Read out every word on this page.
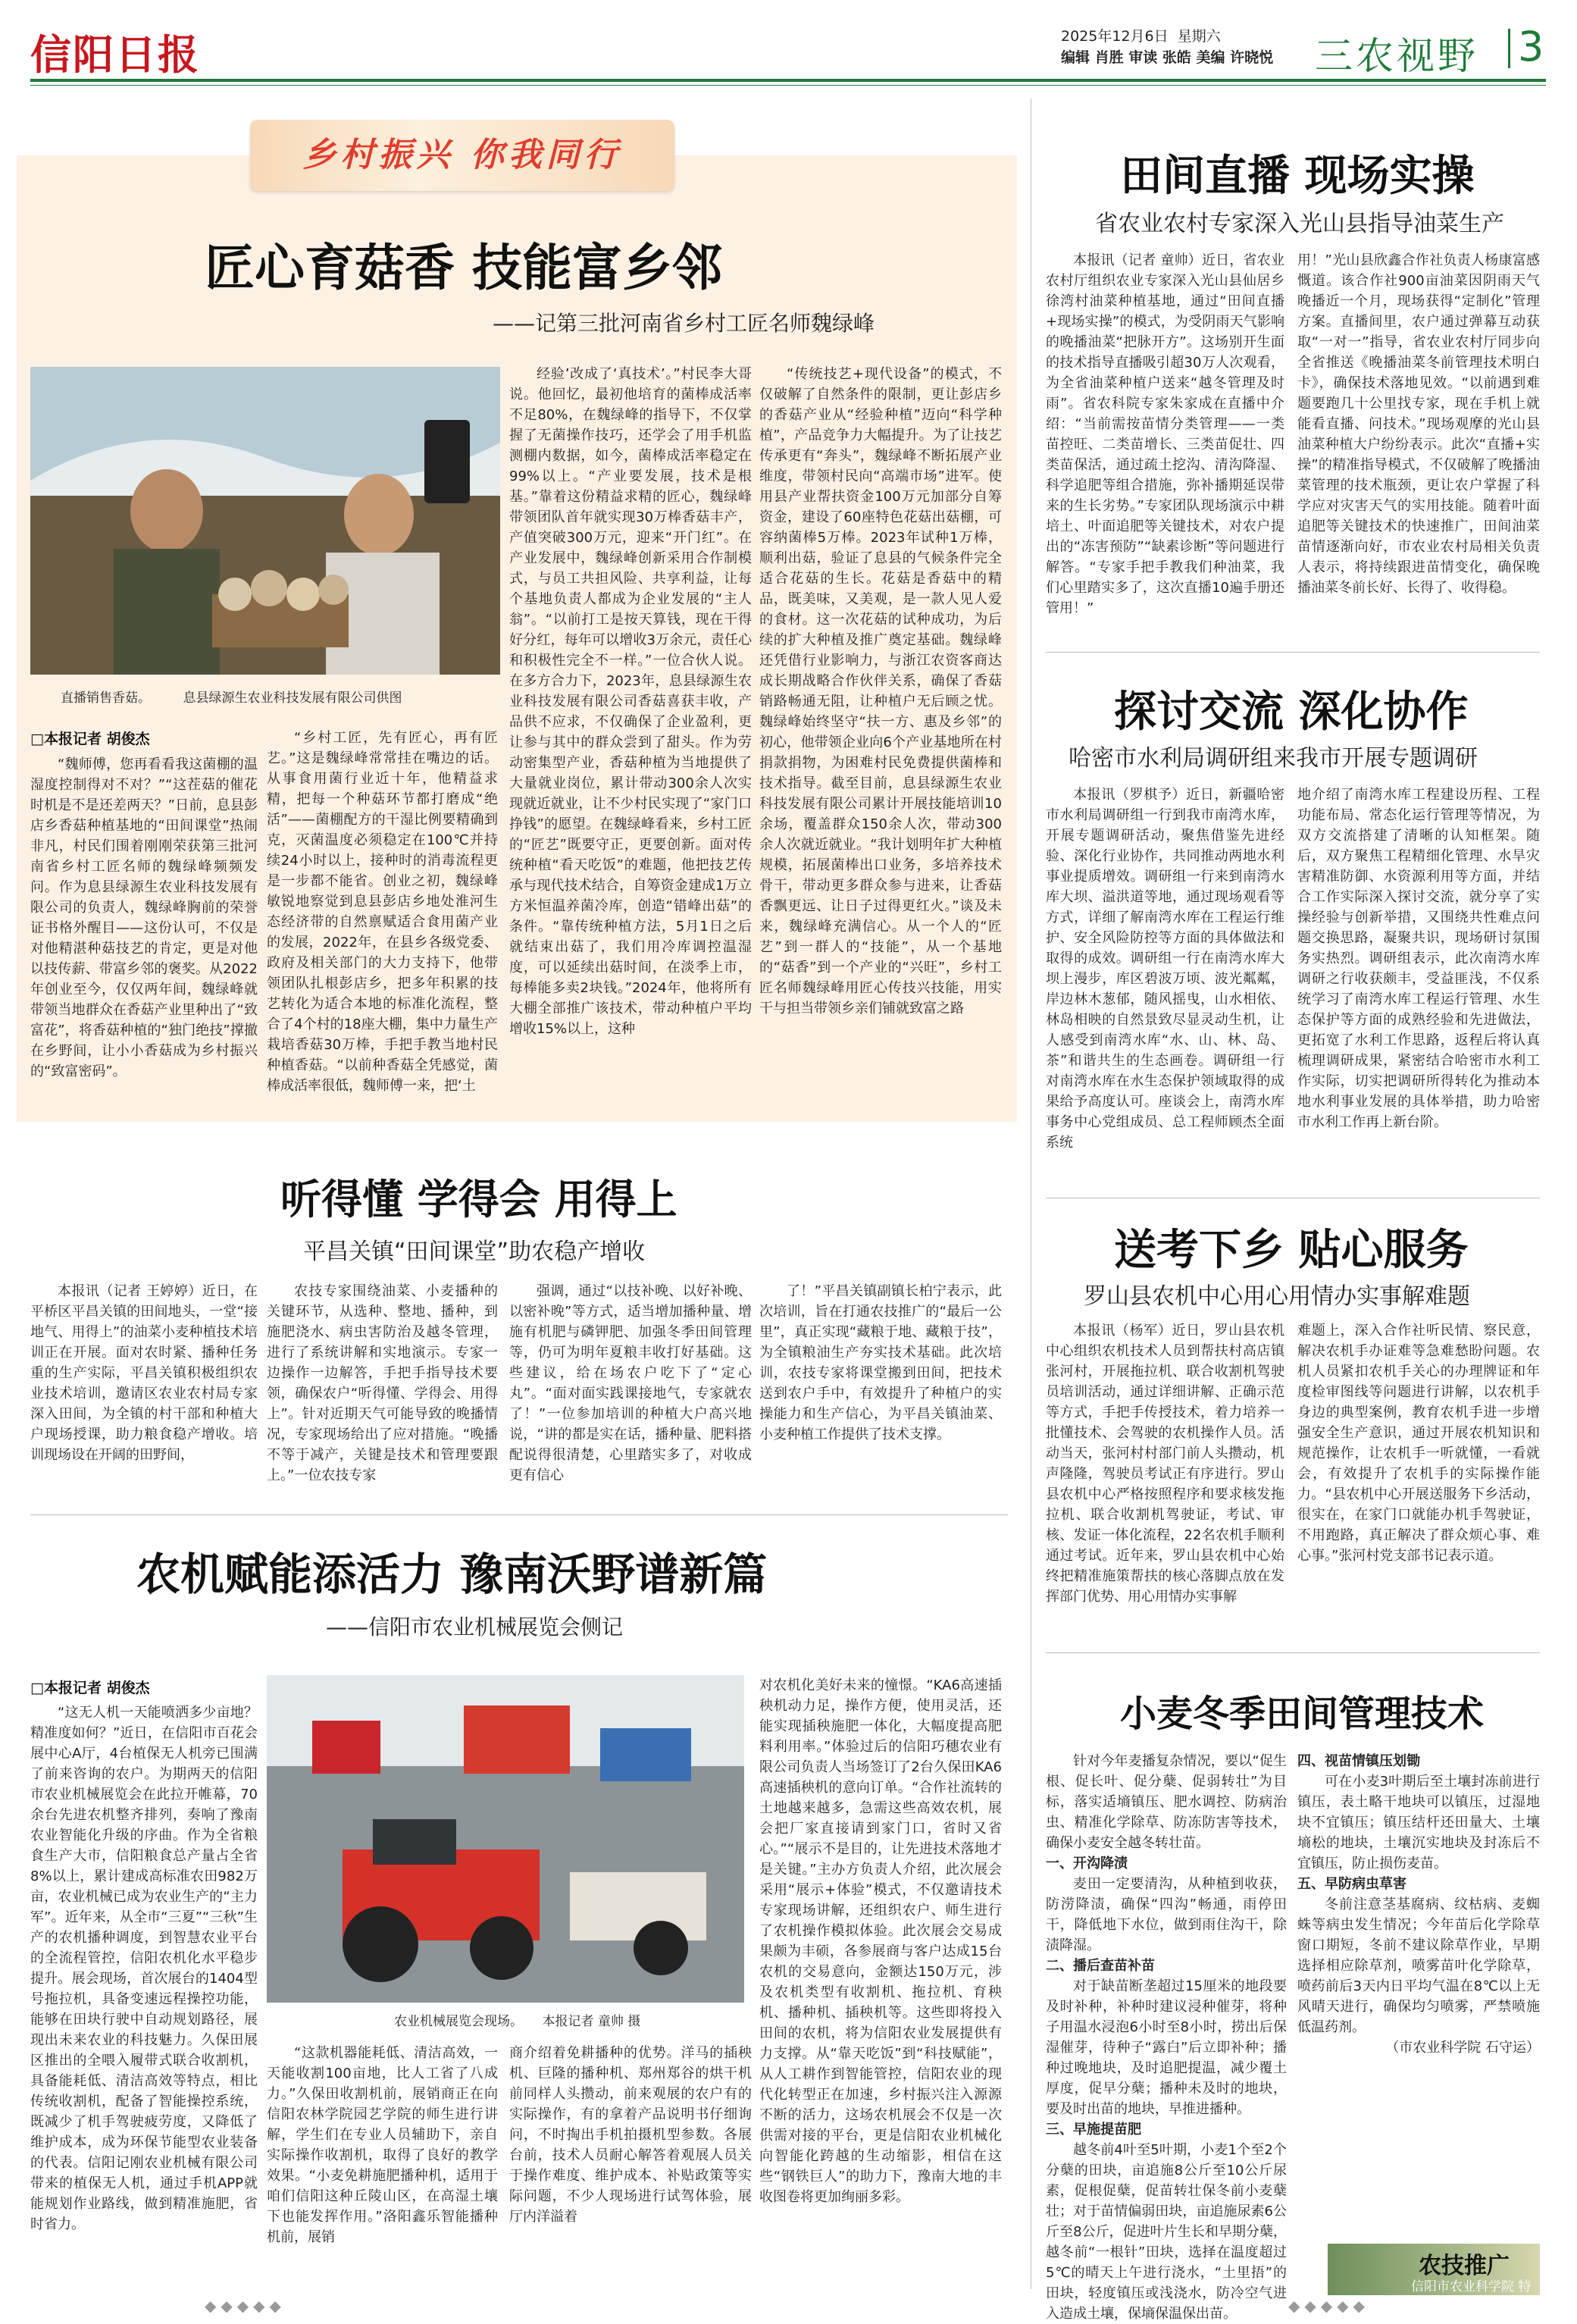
信阳日报	2025年12月6日 星期六
编辑 肖胜 审读 张皓 美编 许晓悦 三农视野 3
乡村振兴 你我同行
匠心育菇香 技能富乡邻
——记第三批河南省乡村工匠名师魏绿峰
直播销售香菇。　　　息县绿源生农业科技发展有限公司供图
□本报记者 胡俊杰
“魏师傅，您再看看我这菌棚的温湿度控制得对不对？”“这茬菇的催花时机是不是还差两天？”日前，息县彭店乡香菇种植基地的“田间课堂”热闹非凡，村民们围着刚刚荣获第三批河南省乡村工匠名师的魏绿峰频频发问。作为息县绿源生农业科技发展有限公司的负责人，魏绿峰胸前的荣誉证书格外醒目——这份认可，不仅是对他精湛种菇技艺的肯定，更是对他以技传薪、带富乡邻的褒奖。从2022年创业至今，仅仅两年间，魏绿峰就带领当地群众在香菇产业里种出了“致富花”，将香菇种植的“独门绝技”撑撤在乡野间，让小小香菇成为乡村振兴的“致富密码”。
“乡村工匠，先有匠心，再有匠艺。”这是魏绿峰常常挂在嘴边的话。从事食用菌行业近十年，他精益求精，把每一个种菇环节都打磨成“绝活”——菌棚配方的干湿比例要精确到克，灭菌温度必须稳定在100℃并持续24小时以上，接种时的消毒流程更是一步都不能省。创业之初，魏绿峰敏锐地察觉到息县彭店乡地处淮河生态经济带的自然禀赋适合食用菌产业的发展，2022年，在县乡各级党委、政府及相关部门的大力支持下，他带领团队扎根彭店乡，把多年积累的技艺转化为适合本地的标准化流程，整合了4个村的18座大棚，集中力量生产栽培香菇30万棒，手把手教当地村民种植香菇。“以前种香菇全凭感觉，菌棒成活率很低，魏师傅一来，把‘土
经验’改成了‘真技术’。”村民李大哥说。他回忆，最初他培育的菌棒成活率不足80%，在魏绿峰的指导下，不仅掌握了无菌操作技巧，还学会了用手机监测棚内数据，如今，菌棒成活率稳定在99%以上。“产业要发展，技术是根基。”靠着这份精益求精的匠心，魏绿峰带领团队首年就实现30万棒香菇丰产，产值突破300万元，迎来“开门红”。在产业发展中，魏绿峰创新采用合作制模式，与员工共担风险、共享利益，让每个基地负责人都成为企业发展的“主人翁”。“以前打工是按天算钱，现在干得好分红，每年可以增收3万余元，责任心和积极性完全不一样。”一位合伙人说。在多方合力下，2023年，息县绿源生农业科技发展有限公司香菇喜获丰收，产品供不应求，不仅确保了企业盈利，更让参与其中的群众尝到了甜头。作为劳动密集型产业，香菇种植为当地提供了大量就业岗位，累计带动300余人次实现就近就业，让不少村民实现了“家门口挣钱”的愿望。在魏绿峰看来，乡村工匠的“匠艺”既要守正，更要创新。面对传统种植“看天吃饭”的难题，他把技艺传承与现代技术结合，自筹资金建成1万立方米恒温养菌冷库，创造“错峰出菇”的条件。“靠传统种植方法，5月1日之后就结束出菇了，我们用冷库调控温湿度，可以延续出菇时间，在淡季上市，每棒能多卖2块钱。”2024年，他将所有大棚全部推广该技术，带动种植户平均增收15%以上，这种
“传统技艺+现代设备”的模式，不仅破解了自然条件的限制，更让彭店乡的香菇产业从“经验种植”迈向“科学种植”，产品竞争力大幅提升。为了让技艺传承更有“奔头”，魏绿峰不断拓展产业维度，带领村民向“高端市场”进军。使用县产业帮扶资金100万元加部分自筹资金，建设了60座特色花菇出菇棚，可容纳菌棒5万棒。2023年试种1万棒，顺利出菇，验证了息县的气候条件完全适合花菇的生长。花菇是香菇中的精品，既美味，又美观，是一款人见人爱的食材。这一次花菇的试种成功，为后续的扩大种植及推广奠定基础。魏绿峰还凭借行业影响力，与浙江农资客商达成长期战略合作伙伴关系，确保了香菇销路畅通无阻，让种植户无后顾之忧。魏绿峰始终坚守“扶一方、惠及乡邻”的初心，他带领企业向6个产业基地所在村捐款捐物，为困难村民免费提供菌棒和技术指导。截至目前，息县绿源生农业科技发展有限公司累计开展技能培训10余场，覆盖群众150余人次，带动300余人次就近就业。“我计划明年扩大种植规模，拓展菌棒出口业务，多培养技术骨干，带动更多群众参与进来，让香菇香飘更远、让日子过得更红火。”谈及未来，魏绿峰充满信心。从一个人的“匠艺”到一群人的“技能”，从一个基地的“菇香”到一个产业的“兴旺”，乡村工匠名师魏绿峰用匠心传技兴技能，用实干与担当带领乡亲们铺就致富之路
听得懂 学得会 用得上
平昌关镇“田间课堂”助农稳产增收
本报讯（记者 王婷婷）近日，在平桥区平昌关镇的田间地头，一堂“接地气、用得上”的油菜小麦种植技术培训正在开展。面对农时紧、播种任务重的生产实际，平昌关镇积极组织农业技术培训，邀请区农业农村局专家深入田间，为全镇的村干部和种植大户现场授课，助力粮食稳产增收。培训现场设在开阔的田野间，
农技专家围绕油菜、小麦播种的关键环节，从选种、整地、播种，到施肥浇水、病虫害防治及越冬管理，进行了系统讲解和实地演示。专家一边操作一边解答，手把手指导技术要领，确保农户“听得懂、学得会、用得上”。针对近期天气可能导致的晚播情况，专家现场给出了应对措施。“晚播不等于减产，关键是技术和管理要跟上。”一位农技专家
强调，通过“以技补晚、以好补晚、以密补晚”等方式，适当增加播种量、增施有机肥与磷钾肥、加强冬季田间管理等，仍可为明年夏粮丰收打好基础。这些建议，给在场农户吃下了“定心丸”。“面对面实践课接地气，专家就农了！”一位参加培训的种植大户高兴地说，“讲的都是实在话，播种量、肥料搭配说得很清楚，心里踏实多了，对收成更有信心
了！”平昌关镇副镇长柏宁表示，此次培训，旨在打通农技推广的“最后一公里”，真正实现“藏粮于地、藏粮于技”，为全镇粮油生产夯实技术基础。此次培训，农技专家将课堂搬到田间，把技术送到农户手中，有效提升了种植户的实操能力和生产信心，为平昌关镇油菜、小麦种植工作提供了技术支撑。
农机赋能添活力 豫南沃野谱新篇
——信阳市农业机械展览会侧记
□本报记者 胡俊杰
“这无人机一天能喷洒多少亩地？精准度如何？”近日，在信阳市百花会展中心A厅，4台植保无人机旁已围满了前来咨询的农户。为期两天的信阳市农业机械展览会在此拉开帷幕，70余台先进农机整齐排列，奏响了豫南农业智能化升级的序曲。作为全省粮食生产大市，信阳粮食总产量占全省8%以上，累计建成高标准农田982万亩，农业机械已成为农业生产的“主力军”。近年来，从全市“三夏”“三秋”生产的农机播种调度，到智慧农业平台的全流程管控，信阳农机化水平稳步提升。展会现场，首次展台的1404型号拖拉机，具备变速远程操控功能，能够在田块行驶中自动规划路径，展现出未来农业的科技魅力。久保田展区推出的全喂入履带式联合收割机，具备能耗低、清洁高效等特点，相比传统收割机，配备了智能操控系统，既减少了机手驾驶疲劳度，又降低了维护成本，成为环保节能型农业装备的代表。信阳记刚农业机械有限公司带来的植保无人机，通过手机APP就能规划作业路线，做到精准施肥，省时省力。
农业机械展览会现场。　　本报记者 童帅 摄
“这款机器能耗低、清洁高效，一天能收割100亩地，比人工省了八成力。”久保田收割机前，展销商正在向信阳农林学院园艺学院的师生进行讲解，学生们在专业人员辅助下，亲自实际操作收割机，取得了良好的教学效果。“小麦免耕施肥播种机，适用于咱们信阳这种丘陵山区，在高湿土壤下也能发挥作用。”洛阳鑫乐智能播种机前，展销
商介绍着免耕播种的优势。洋马的插秧机、巨隆的播种机、郑州郑谷的烘干机前同样人头攒动，前来观展的农户有的实际操作，有的拿着产品说明书仔细询问，不时掏出手机拍摄机型参数。各展台前，技术人员耐心解答着观展人员关于操作难度、维护成本、补贴政策等实际问题，不少人现场进行试驾体验，展厅内洋溢着
对农机化美好未来的憧憬。“KA6高速插秧机动力足，操作方便，使用灵活，还能实现插秧施肥一体化，大幅度提高肥料利用率。”体验过后的信阳巧穗农业有限公司负责人当场签订了2台久保田KA6高速插秧机的意向订单。“合作社流转的土地越来越多，急需这些高效农机，展会把厂家直接请到家门口，省时又省心。”“展示不是目的，让先进技术落地才是关键。”主办方负责人介绍，此次展会采用“展示+体验”模式，不仅邀请技术专家现场讲解，还组织农户、师生进行了农机操作模拟体验。此次展会交易成果颇为丰硕，各参展商与客户达成15台农机的交易意向，金额达150万元，涉及农机类型有收割机、拖拉机、育秧机、播种机、插秧机等。这些即将投入田间的农机，将为信阳农业发展提供有力支撑。从“靠天吃饭”到“科技赋能”，从人工耕作到智能管控，信阳农业的现代化转型正在加速，乡村振兴注入源源不断的活力，这场农机展会不仅是一次供需对接的平台，更是信阳农业机械化向智能化跨越的生动缩影，相信在这些“钢铁巨人”的助力下，豫南大地的丰收图卷将更加绚丽多彩。
田间直播 现场实操
省农业农村专家深入光山县指导油菜生产
本报讯（记者 童帅）近日，省农业农村厅组织农业专家深入光山县仙居乡徐湾村油菜种植基地，通过“田间直播+现场实操”的模式，为受阴雨天气影响的晚播油菜“把脉开方”。这场别开生面的技术指导直播吸引超30万人次观看，为全省油菜种植户送来“越冬管理及时雨”。省农科院专家朱家成在直播中介绍：“当前需按苗情分类管理——一类苗控旺、二类苗增长、三类苗促壮、四类苗保活，通过疏土挖沟、清沟降湿、科学追肥等组合措施，弥补播期延误带来的生长劣势。”专家团队现场演示中耕培土、叶面追肥等关键技术，对农户提出的“冻害预防”“缺素诊断”等问题进行解答。“专家手把手教我们种油菜，我们心里踏实多了，这次直播10遍手册还管用！”
用！”光山县欣鑫合作社负责人杨康富感慨道。该合作社900亩油菜因阴雨天气晚播近一个月，现场获得“定制化”管理方案。直播间里，农户通过弹幕互动获取“一对一”指导，省农业农村厅同步向全省推送《晚播油菜冬前管理技术明白卡》，确保技术落地见效。“以前遇到难题要跑几十公里找专家，现在手机上就能看直播、问技术。”现场观摩的光山县油菜种植大户纷纷表示。此次“直播+实操”的精准指导模式，不仅破解了晚播油菜管理的技术瓶颈，更让农户掌握了科学应对灾害天气的实用技能。随着叶面追肥等关键技术的快速推广，田间油菜苗情逐渐向好，市农业农村局相关负责人表示，将持续跟进苗情变化，确保晚播油菜冬前长好、长得了、收得稳。
探讨交流 深化协作
哈密市水利局调研组来我市开展专题调研
本报讯（罗棋予）近日，新疆哈密市水利局调研组一行到我市南湾水库，开展专题调研活动，聚焦借鉴先进经验、深化行业协作，共同推动两地水利事业提质增效。调研组一行来到南湾水库大坝、溢洪道等地，通过现场观看等方式，详细了解南湾水库在工程运行维护、安全风险防控等方面的具体做法和取得的成效。调研组一行在南湾水库大坝上漫步，库区碧波万顷、波光粼粼，岸边林木葱郁，随风摇曳，山水相依、林岛相映的自然景致尽显灵动生机，让人感受到南湾水库“水、山、林、岛、茶”和谐共生的生态画卷。调研组一行对南湾水库在水生态保护领域取得的成果给予高度认可。座谈会上，南湾水库事务中心党组成员、总工程师顾杰全面系统
地介绍了南湾水库工程建设历程、工程功能布局、常态化运行管理等情况，为双方交流搭建了清晰的认知框架。随后，双方聚焦工程精细化管理、水旱灾害精准防御、水资源利用等方面，并结合工作实际深入探讨交流，就分享了实操经验与创新举措，又围绕共性难点问题交换思路，凝聚共识，现场研讨氛围务实热烈。调研组表示，此次南湾水库调研之行收获颇丰，受益匪浅，不仅系统学习了南湾水库工程运行管理、水生态保护等方面的成熟经验和先进做法，更拓宽了水利工作思路，返程后将认真梳理调研成果，紧密结合哈密市水利工作实际，切实把调研所得转化为推动本地水利事业发展的具体举措，助力哈密市水利工作再上新台阶。
送考下乡 贴心服务
罗山县农机中心用心用情办实事解难题
本报讯（杨军）近日，罗山县农机中心组织农机技术人员到帮扶村高店镇张河村，开展拖拉机、联合收割机驾驶员培训活动，通过详细讲解、正确示范等方式，手把手传授技术，着力培养一批懂技术、会驾驶的农机操作人员。活动当天，张河村村部门前人头攒动，机声隆隆，驾驶员考试正有序进行。罗山县农机中心严格按照程序和要求核发拖拉机、联合收割机驾驶证，考试、审核、发证一体化流程，22名农机手顺利通过考试。近年来，罗山县农机中心始终把精准施策帮扶的核心落脚点放在发挥部门优势、用心用情办实事解
难题上，深入合作社听民情、察民意，解决农机手办证难等急难愁盼问题。农机人员紧扣农机手关心的办理牌证和年度检审图线等问题进行讲解，以农机手身边的典型案例，教育农机手进一步增强安全生产意识，通过开展农机知识和规范操作，让农机手一听就懂，一看就会，有效提升了农机手的实际操作能力。“县农机中心开展送服务下乡活动，很实在，在家门口就能办机手驾驶证，不用跑路，真正解决了群众烦心事、难心事。”张河村党支部书记表示道。
小麦冬季田间管理技术
针对今年麦播复杂情况，要以“促生根、促长叶、促分蘖、促弱转壮”为目标，落实适墒镇压、肥水调控、防病治虫、精准化学除草、防冻防害等技术，确保小麦安全越冬转壮苗。
一、开沟降渍
麦田一定要清沟，从种植到收获，防涝降渍，确保“四沟”畅通，雨停田干，降低地下水位，做到雨住沟干，除渍降湿。
二、播后查苗补苗
对于缺苗断垄超过15厘米的地段要及时补种，补种时建议浸种催芽，将种子用温水浸泡6小时至8小时，捞出后保湿催芽，待种子“露白”后立即补种；播种过晚地块，及时追肥提温，减少覆土厚度，促早分蘖；播种未及时的地块，要及时出苗的地块，早推进播种。
三、早施提苗肥
越冬前4叶至5叶期，小麦1个至2个分蘖的田块，亩追施8公斤至10公斤尿素，促根促蘖，促苗转壮保冬前小麦蘖壮；对于苗情偏弱田块，亩追施尿素6公斤至8公斤，促进叶片生长和早期分蘖，越冬前“一根针”田块，选择在温度超过5℃的晴天上午进行浇水，“土里捂”的田块，轻度镇压或浅浇水，防冷空气进入造成土壤，保墒保温保出苗。
四、视苗情镇压划锄
可在小麦3叶期后至土壤封冻前进行镇压，表土略干地块可以镇压，过湿地块不宜镇压；镇压结杆还田量大、土壤墒松的地块，土壤沉实地块及封冻后不宜镇压，防止损伤麦苗。
五、早防病虫草害
冬前注意茎基腐病、纹枯病、麦蜘蛛等病虫发生情况；今年苗后化学除草窗口期短，冬前不建议除草作业，早期选择相应除草剂，喷雾苗叶化学除草，喷药前后3天内日平均气温在8℃以上无风晴天进行，确保均匀喷雾，严禁喷施低温药剂。
（市农业科学院 石守运）
农技推广
信阳市农业科学院 特约
◆◆◆◆◆	◆◆◆◆◆
